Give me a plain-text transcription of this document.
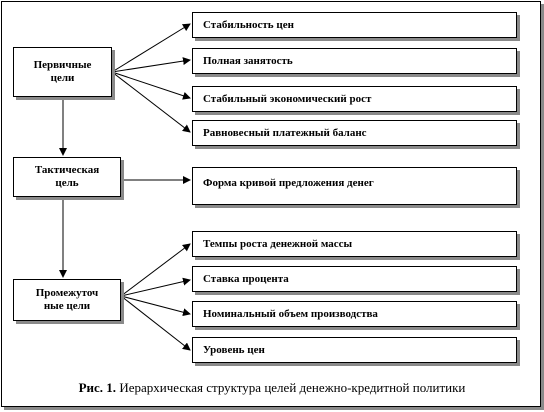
Первичные
цели
Тактическая
цель
Промежуточ
ные цели
Стабильность цен
Полная занятость
Стабильный экономический рост
Равновесный платежный баланс
Форма кривой предложения денег
Темпы роста денежной массы
Ставка процента
Номинальный объем производства
Уровень цен
Рис. 1. Иерархическая структура целей денежно-кредитной политики
